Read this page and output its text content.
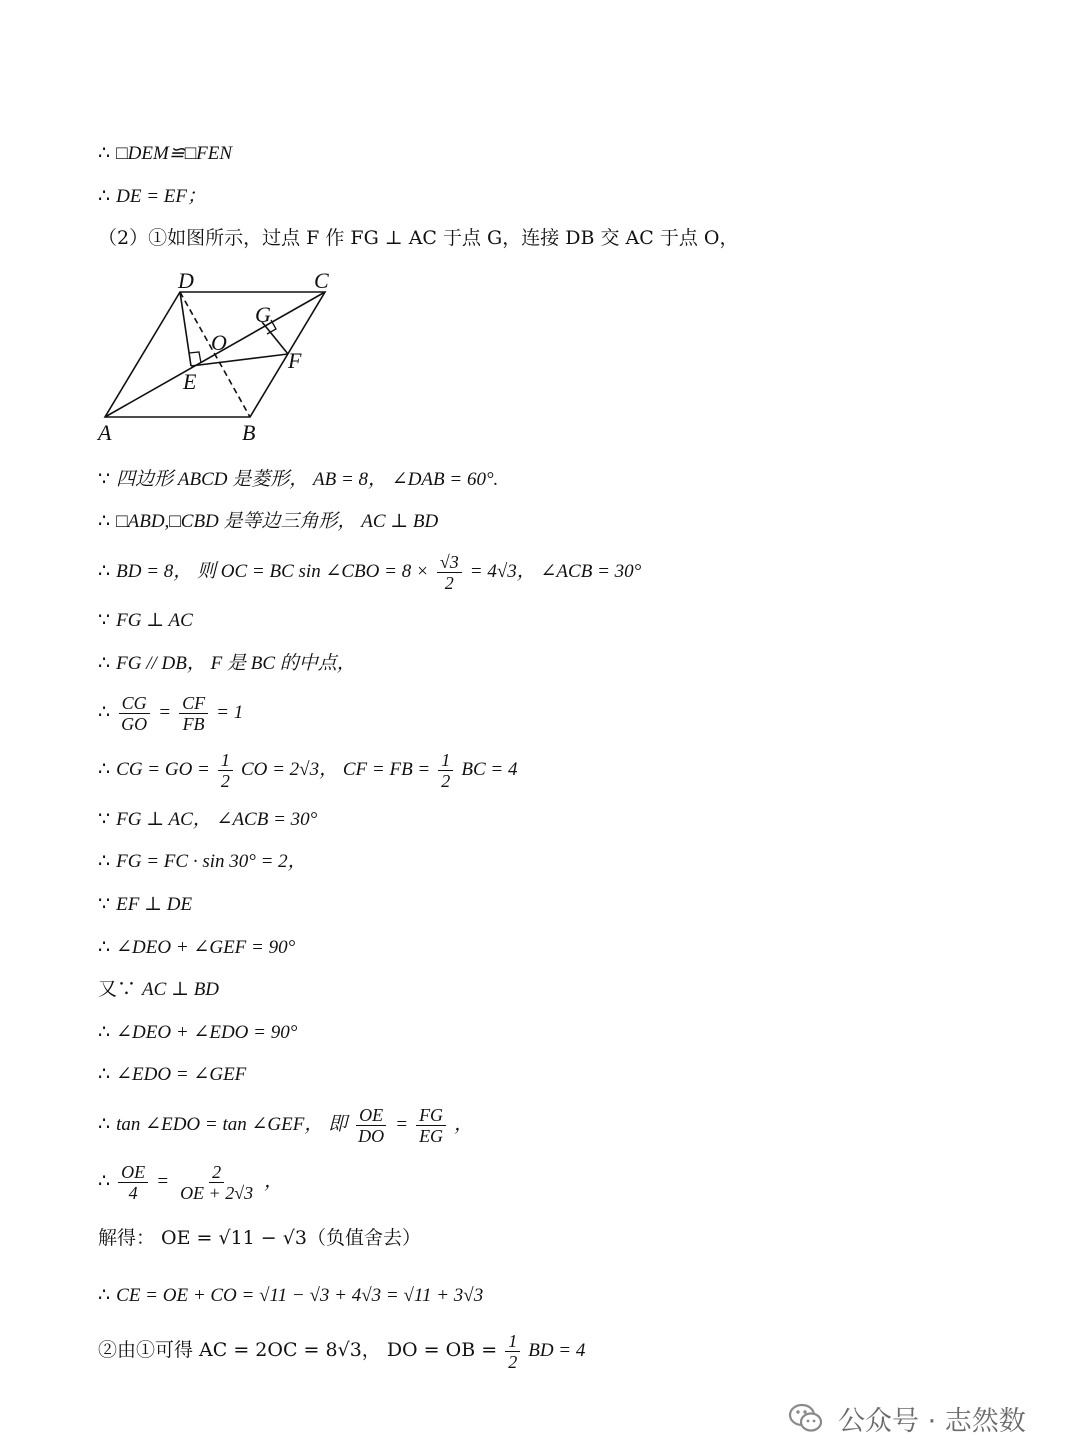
∴ □DEM≌□FEN
∴ DE = EF；
（2）①如图所示，过点 F 作 FG ⊥ AC 于点 G，连接 DB 交 AC 于点 O，
D	C
G
O
F
E
A	B
∵ 四边形 ABCD 是菱形， AB = 8， ∠DAB = 60°.
∴ □ABD,□CBD 是等边三角形， AC ⊥ BD
∴ BD = 8， 则 OC = BC sin ∠CBO = $8 \times \frac{√3}{2} = 4√3$， ∠ACB = 30°
∵ FG ⊥ AC
∴ FG // DB， F 是 BC 的中点，
∴ $\frac{CG}{GO} = \frac{CF}{FB} = 1$
∴ CG = GO = $\frac{1}{2}$ CO = 2√3， CF = FB = $\frac{1}{2}$ BC = 4
∵ FG ⊥ AC， ∠ACB = 30°
∴ FG = FC · sin 30° = 2，
∵ EF ⊥ DE
∴ ∠DEO + ∠GEF = 90°
又∵ AC ⊥ BD
∴ ∠DEO + ∠EDO = 90°
∴ ∠EDO = ∠GEF
∴ tan ∠EDO = tan ∠GEF， 即 $\frac{OE}{DO} = \frac{FG}{EG}$ ，
∴ $\frac{OE}{4} = \frac{2}{OE + 2√3}$ ，
解得： OE = √11 − √3（负值舍去）
∴ CE = OE + CO = √11 − √3 + 4√3 = √11 + 3√3
②由①可得 AC = 2OC = 8√3， DO = OB = $\frac{1}{2}$ BD = 4
公众号 · 志然数
